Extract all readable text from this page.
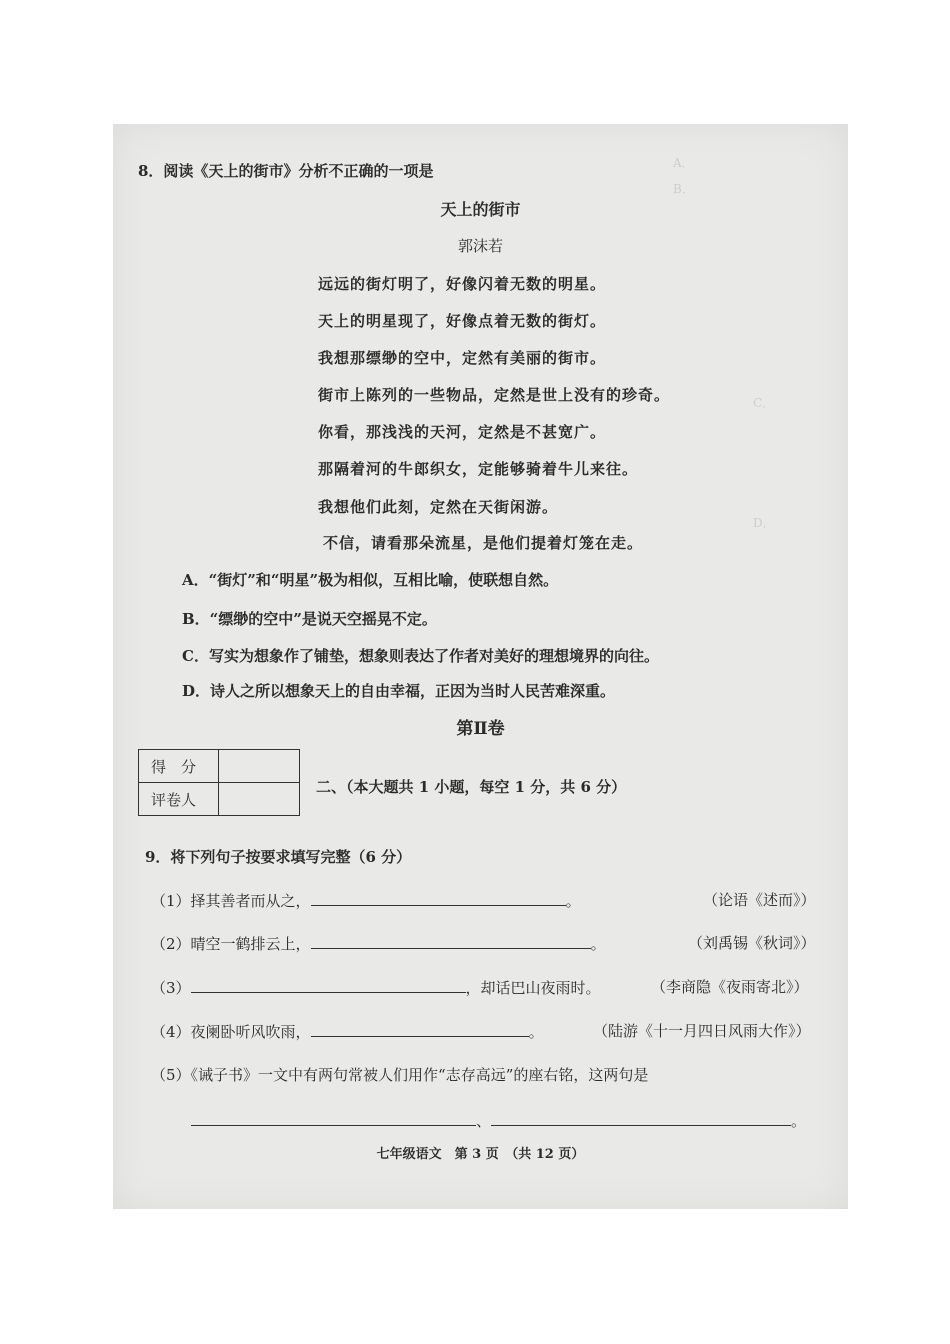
A．
B．
C．
D．
8．阅读《天上的街市》分析不正确的一项是
天上的街市
郭沫若
远远的街灯明了，好像闪着无数的明星。
天上的明星现了，好像点着无数的街灯。
我想那缥缈的空中，定然有美丽的街市。
街市上陈列的一些物品，定然是世上没有的珍奇。
你看，那浅浅的天河，定然是不甚宽广。
那隔着河的牛郎织女，定能够骑着牛儿来往。
我想他们此刻，定然在天街闲游。
不信，请看那朵流星，是他们提着灯笼在走。
A．“街灯”和“明星”极为相似，互相比喻，使联想自然。
B．“缥缈的空中”是说天空摇晃不定。
C．写实为想象作了铺垫，想象则表达了作者对美好的理想境界的向往。
D．诗人之所以想象天上的自由幸福，正因为当时人民苦难深重。
第Ⅱ卷
得　分	
评卷人	
二、（本大题共 1 小题，每空 1 分，共 6 分）
9．将下列句子按要求填写完整（6 分）
（1）择其善者而从之，	。	（论语《述而》）
（2）晴空一鹤排云上，	。	（刘禹锡《秋词》）
（3）	，却话巴山夜雨时。	（李商隐《夜雨寄北》）
（4）夜阑卧听风吹雨，	。	（陆游《十一月四日风雨大作》）
（5）《诫子书》一文中有两句常被人们用作“志存高远”的座右铭，这两句是
、	。
七年级语文　第 3 页　（共 12 页）
